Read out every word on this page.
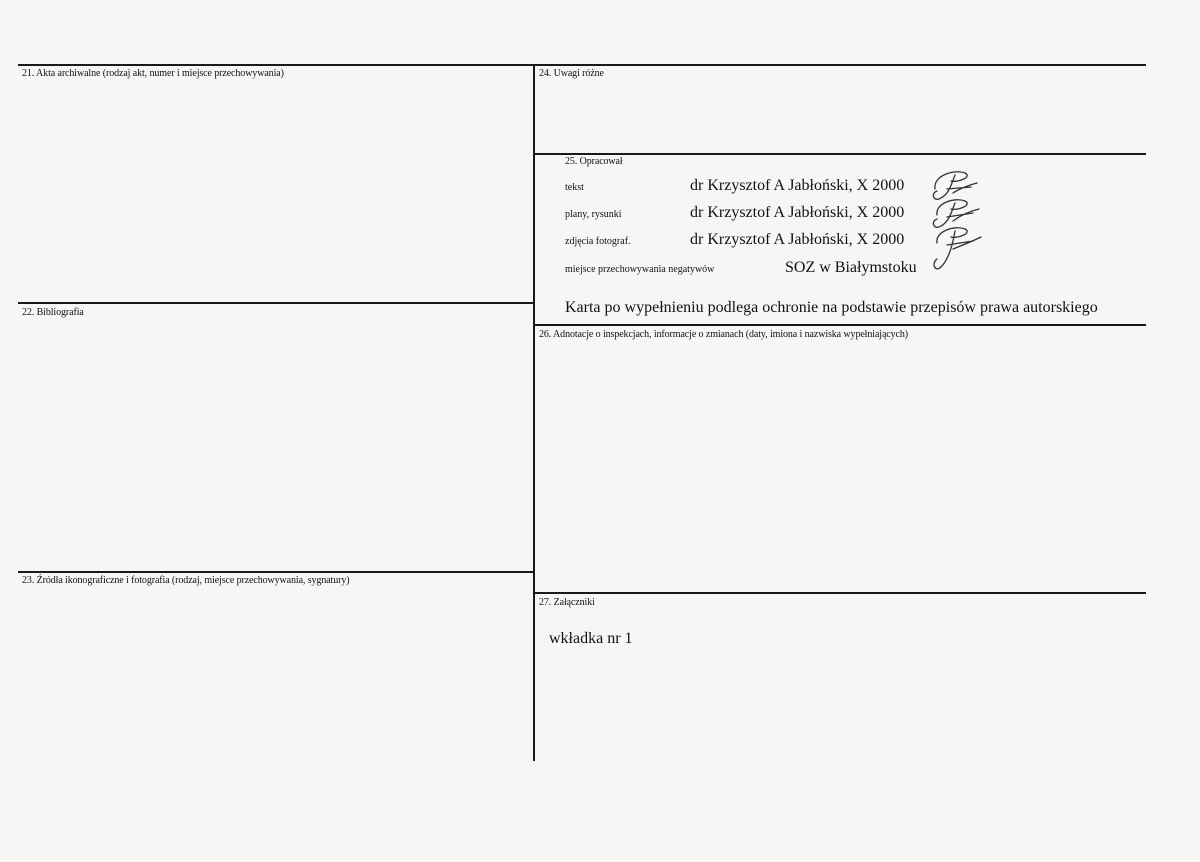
21. Akta archiwalne (rodzaj akt, numer i miejsce przechowywania)
22. Bibliografia
23. Źródła ikonograficzne i fotografia (rodzaj, miejsce przechowywania, sygnatury)
24. Uwagi różne
25. Opracował
26. Adnotacje o inspekcjach, informacje o zmianach (daty, imiona i nazwiska wypełniających)
27. Załączniki
tekst	dr Krzysztof A Jabłoński, X 2000
plany, rysunki	dr Krzysztof A Jabłoński, X 2000
zdjęcia fotograf.	dr Krzysztof A Jabłoński, X 2000
miejsce przechowywania negatywów	SOZ w Białymstoku
Karta po wypełnieniu podlega ochronie na podstawie przepisów prawa autorskiego
wkładka nr 1
